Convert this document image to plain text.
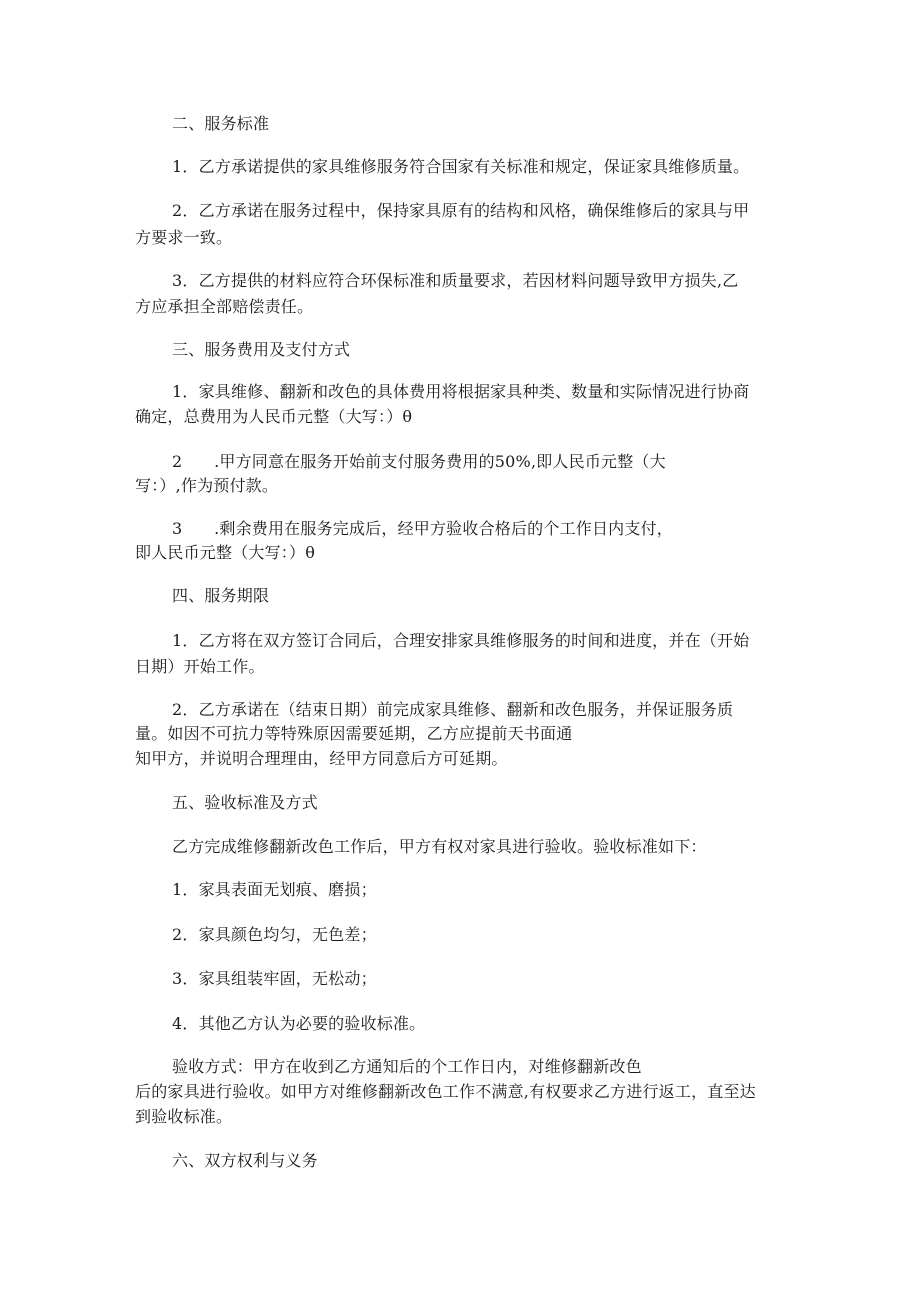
二、服务标准
1．乙方承诺提供的家具维修服务符合国家有关标准和规定，保证家具维修质量。
2．乙方承诺在服务过程中，保持家具原有的结构和风格，确保维修后的家具与甲
方要求一致。
3．乙方提供的材料应符合环保标准和质量要求，若因材料问题导致甲方损失,乙
方应承担全部赔偿责任。
三、服务费用及支付方式
1．家具维修、翻新和改色的具体费用将根据家具种类、数量和实际情况进行协商
确定，总费用为人民币元整（大写：）θ
2      .甲方同意在服务开始前支付服务费用的50%,即人民币元整（大
写：）,作为预付款。
3      .剩余费用在服务完成后，经甲方验收合格后的个工作日内支付，
即人民币元整（大写：）θ
四、服务期限
1．乙方将在双方签订合同后，合理安排家具维修服务的时间和进度，并在（开始
日期）开始工作。
2．乙方承诺在（结束日期）前完成家具维修、翻新和改色服务，并保证服务质
量。如因不可抗力等特殊原因需要延期，乙方应提前天书面通
知甲方，并说明合理理由，经甲方同意后方可延期。
五、验收标准及方式
乙方完成维修翻新改色工作后，甲方有权对家具进行验收。验收标准如下：
1．家具表面无划痕、磨损；
2．家具颜色均匀，无色差；
3．家具组装牢固，无松动；
4．其他乙方认为必要的验收标准。
验收方式：甲方在收到乙方通知后的个工作日内，对维修翻新改色
后的家具进行验收。如甲方对维修翻新改色工作不满意,有权要求乙方进行返工，直至达
到验收标准。
六、双方权利与义务
